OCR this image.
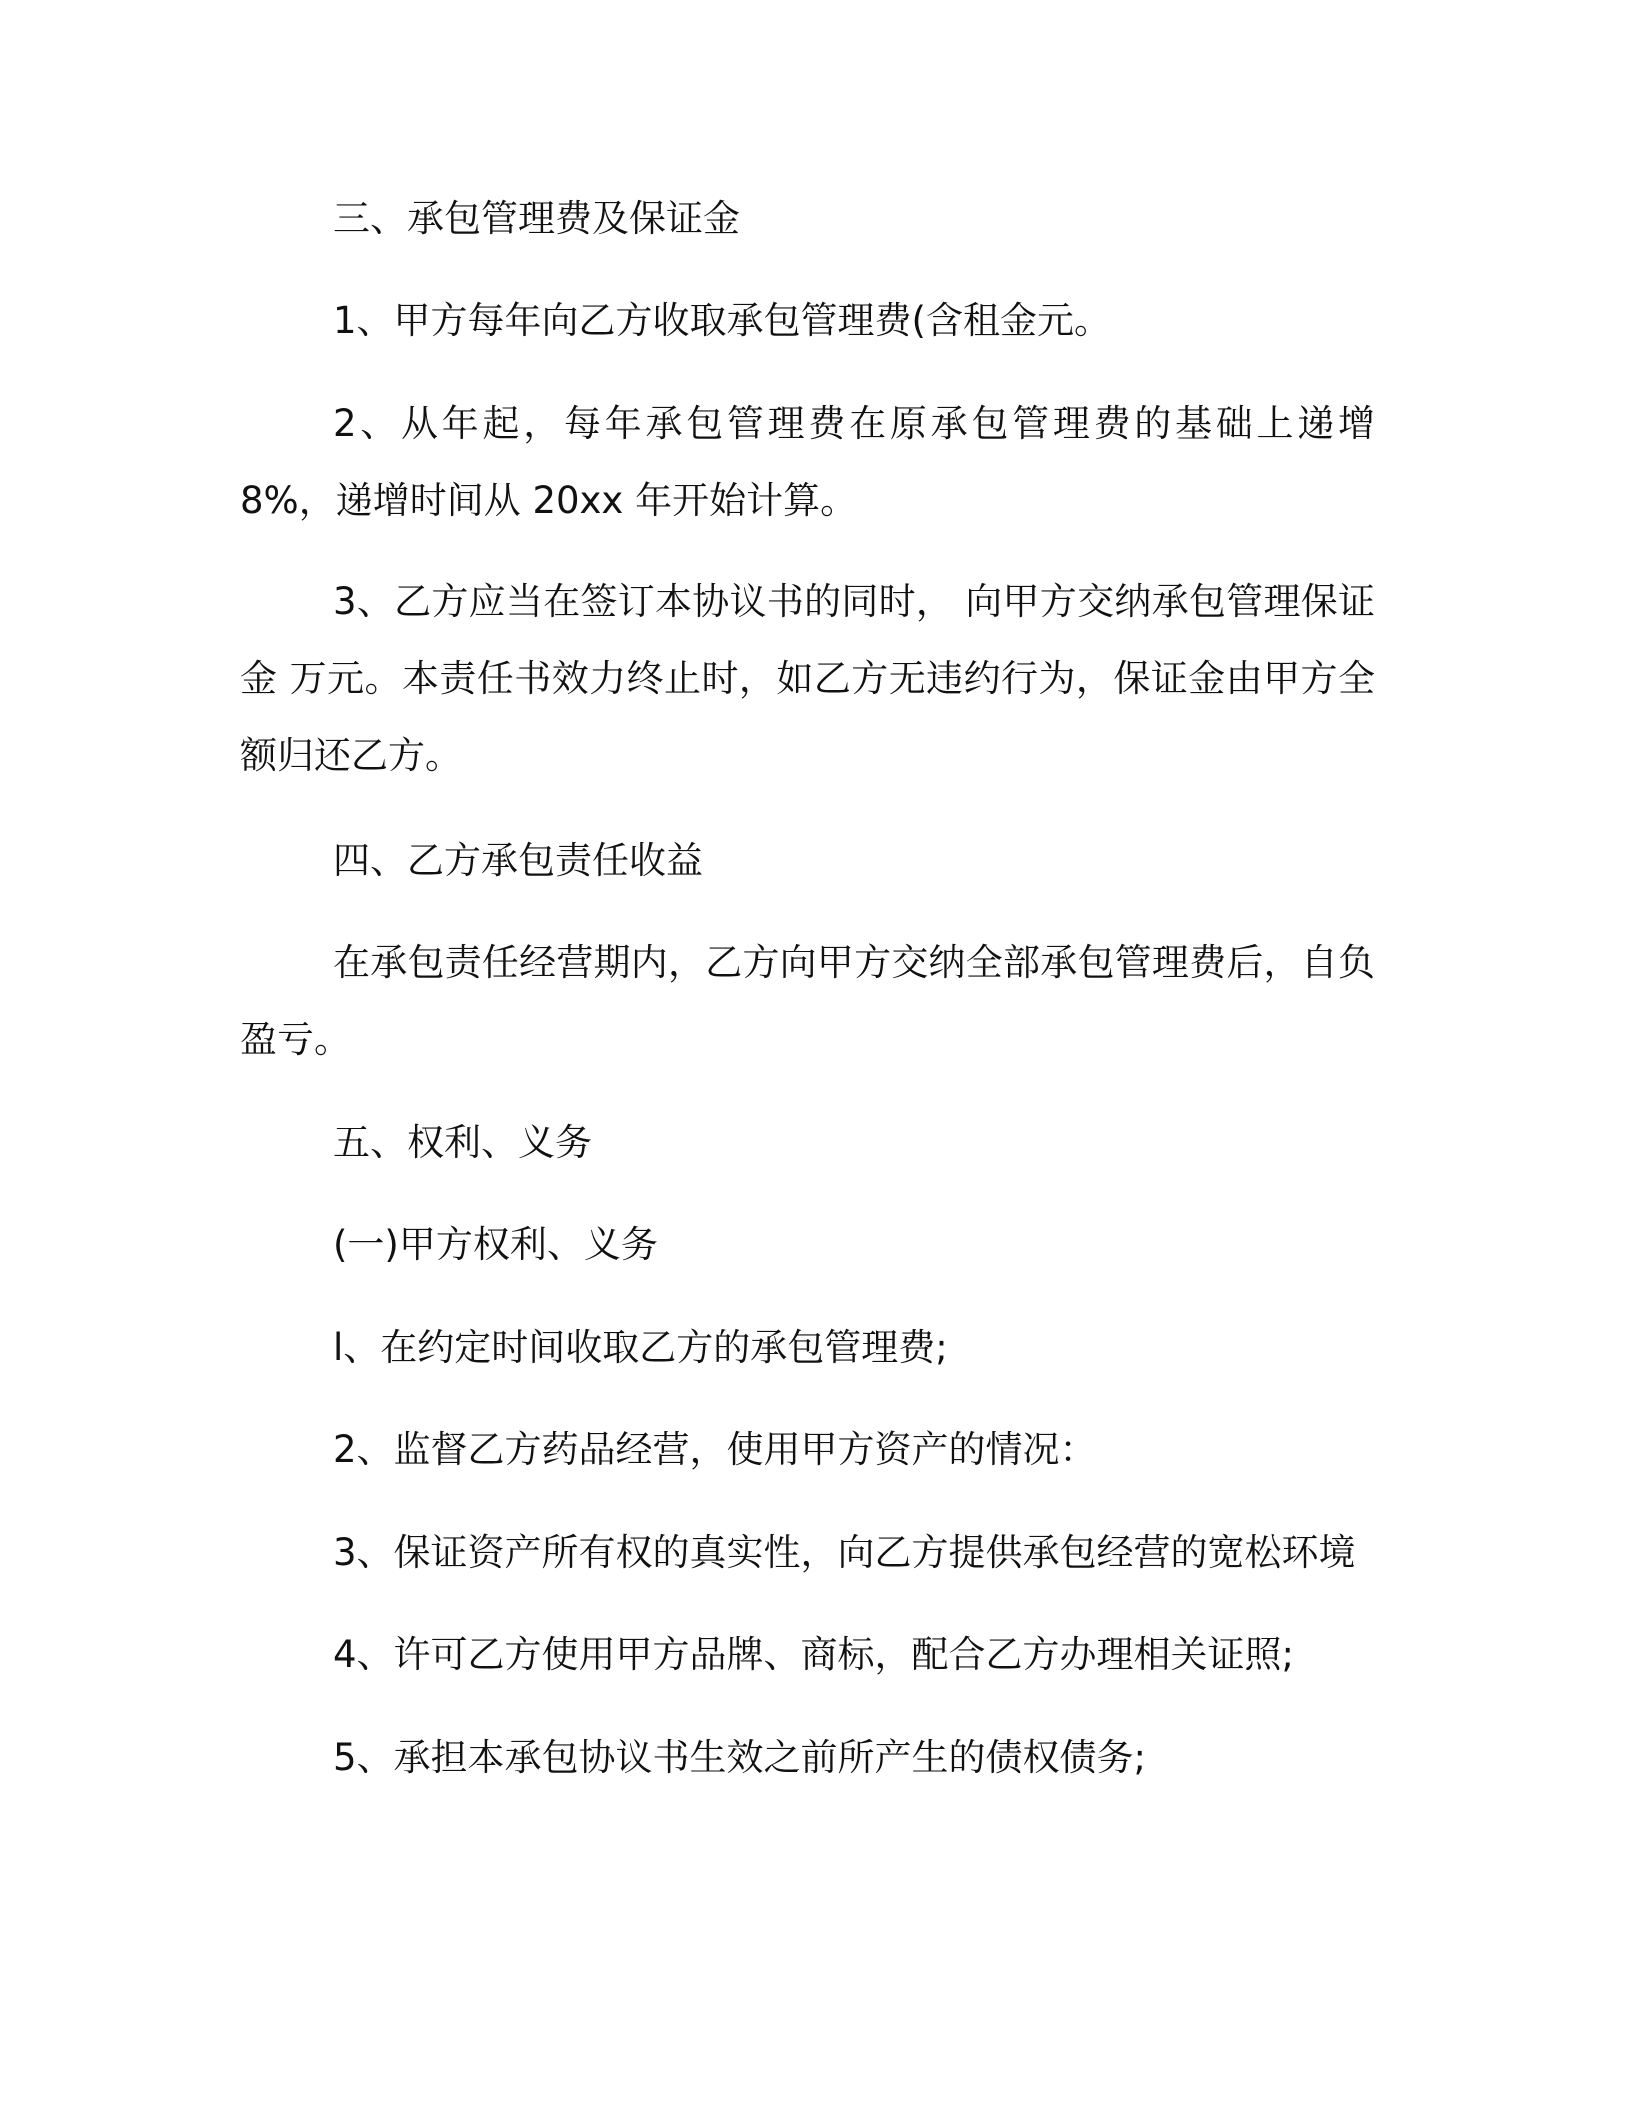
三、承包管理费及保证金

1、甲方每年向乙方收取承包管理费(含租金元。

2、从年起，每年承包管理费在原承包管理费的基础上递增 8%，递增时间从 20xx 年开始计算。

3、乙方应当在签订本协议书的同时， 向甲方交纳承包管理保证金 万元。本责任书效力终止时，如乙方无违约行为，保证金由甲方全额归还乙方。

四、乙方承包责任收益

在承包责任经营期内，乙方向甲方交纳全部承包管理费后，自负盈亏。

五、权利、义务

(一)甲方权利、义务

l、在约定时间收取乙方的承包管理费;

2、监督乙方药品经营，使用甲方资产的情况：

3、保证资产所有权的真实性，向乙方提供承包经营的宽松环境

4、许可乙方使用甲方品牌、商标，配合乙方办理相关证照;

5、承担本承包协议书生效之前所产生的债权债务;
